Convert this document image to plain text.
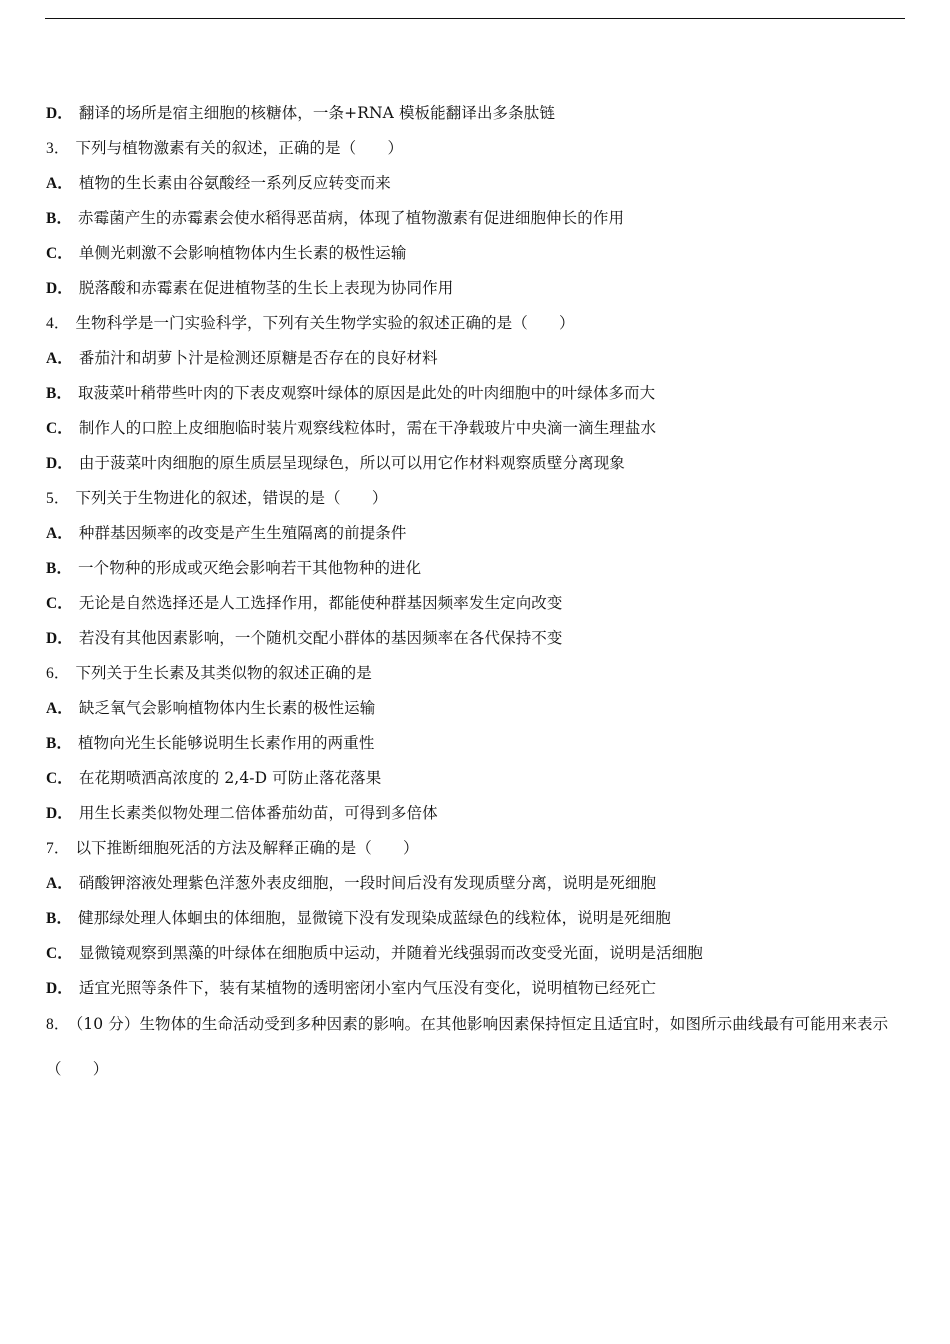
D． 翻译的场所是宿主细胞的核糖体，一条+RNA 模板能翻译出多条肽链
3． 下列与植物激素有关的叙述，正确的是（　　）
A． 植物的生长素由谷氨酸经一系列反应转变而来
B． 赤霉菌产生的赤霉素会使水稻得恶苗病，体现了植物激素有促进细胞伸长的作用
C． 单侧光刺激不会影响植物体内生长素的极性运输
D． 脱落酸和赤霉素在促进植物茎的生长上表现为协同作用
4． 生物科学是一门实验科学，下列有关生物学实验的叙述正确的是（　　）
A． 番茄汁和胡萝卜汁是检测还原糖是否存在的良好材料
B． 取菠菜叶稍带些叶肉的下表皮观察叶绿体的原因是此处的叶肉细胞中的叶绿体多而大
C． 制作人的口腔上皮细胞临时装片观察线粒体时，需在干净载玻片中央滴一滴生理盐水
D． 由于菠菜叶肉细胞的原生质层呈现绿色，所以可以用它作材料观察质壁分离现象
5． 下列关于生物进化的叙述，错误的是（　　）
A． 种群基因频率的改变是产生生殖隔离的前提条件
B． 一个物种的形成或灭绝会影响若干其他物种的进化
C． 无论是自然选择还是人工选择作用，都能使种群基因频率发生定向改变
D． 若没有其他因素影响，一个随机交配小群体的基因频率在各代保持不变
6． 下列关于生长素及其类似物的叙述正确的是
A． 缺乏氧气会影响植物体内生长素的极性运输
B． 植物向光生长能够说明生长素作用的两重性
C． 在花期喷洒高浓度的 2,4-D 可防止落花落果
D． 用生长素类似物处理二倍体番茄幼苗，可得到多倍体
7． 以下推断细胞死活的方法及解释正确的是（　　）
A． 硝酸钾溶液处理紫色洋葱外表皮细胞，一段时间后没有发现质壁分离，说明是死细胞
B． 健那绿处理人体蛔虫的体细胞，显微镜下没有发现染成蓝绿色的线粒体，说明是死细胞
C． 显微镜观察到黑藻的叶绿体在细胞质中运动，并随着光线强弱而改变受光面，说明是活细胞
D． 适宜光照等条件下，装有某植物的透明密闭小室内气压没有变化，说明植物已经死亡
8． （10 分）生物体的生命活动受到多种因素的影响。在其他影响因素保持恒定且适宜时，如图所示曲线最有可能用来表示（　　）
